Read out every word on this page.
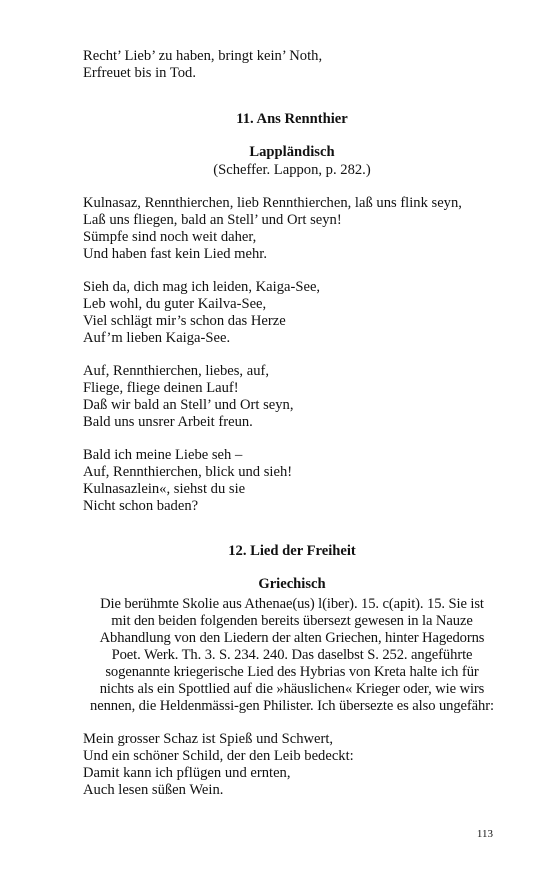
Recht’ Lieb’ zu haben, bringt kein’ Noth,
Erfreuet bis in Tod.
11. Ans Rennthier
Lappländisch
(Scheffer. Lappon, p. 282.)
Kulnasaz, Rennthierchen, lieb Rennthierchen, laß uns flink seyn,
Laß uns fliegen, bald an Stell’ und Ort seyn!
Sümpfe sind noch weit daher,
Und haben fast kein Lied mehr.
Sieh da, dich mag ich leiden, Kaiga-See,
Leb wohl, du guter Kailva-See,
Viel schlägt mir’s schon das Herze
Auf’m lieben Kaiga-See.
Auf, Rennthierchen, liebes, auf,
Fliege, fliege deinen Lauf!
Daß wir bald an Stell’ und Ort seyn,
Bald uns unsrer Arbeit freun.
Bald ich meine Liebe seh –
Auf, Rennthierchen, blick und sieh!
Kulnasazlein«, siehst du sie
Nicht schon baden?
12. Lied der Freiheit
Griechisch
Die berühmte Skolie aus Athenae(us) l(iber). 15. c(apit). 15. Sie ist
mit den beiden folgenden bereits übersezt gewesen in la Nauze
Abhandlung von den Liedern der alten Griechen, hinter Hagedorns
Poet. Werk. Th. 3. S. 234. 240. Das daselbst S. 252. angeführte
sogenannte kriegerische Lied des Hybrias von Kreta halte ich für
nichts als ein Spottlied auf die »häuslichen« Krieger oder, wie wirs
nennen, die Heldenmässi-gen Philister. Ich übersezte es also ungefähr:
Mein grosser Schaz ist Spieß und Schwert,
Und ein schöner Schild, der den Leib bedeckt:
Damit kann ich pflügen und ernten,
Auch lesen süßen Wein.
113
